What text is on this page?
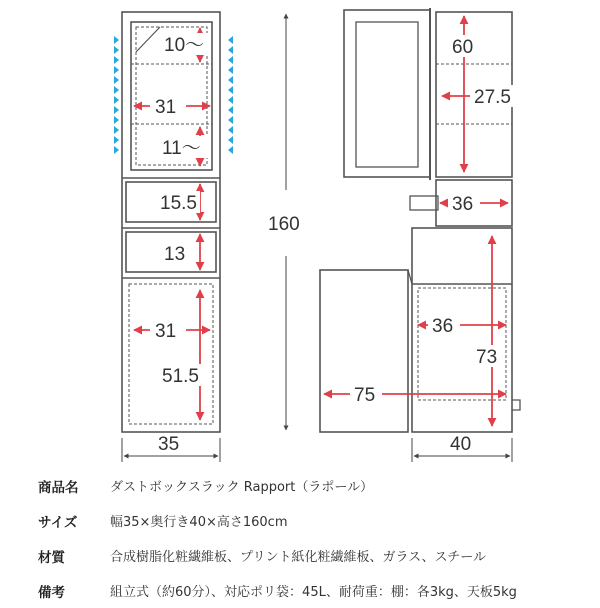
10〜
31
11〜
15.5
13
31
51.5
35
160
60
27.5
36
36
73
75
40
商品名	ダストボックスラック Rapport（ラポール）
サイズ	幅35×奥行き40×高さ160cm
材質	合成樹脂化粧繊維板、プリント紙化粧繊維板、ガラス、スチール
備考	組立式（約60分）、対応ポリ袋：45L、耐荷重：棚：各3kg、天板5kg
